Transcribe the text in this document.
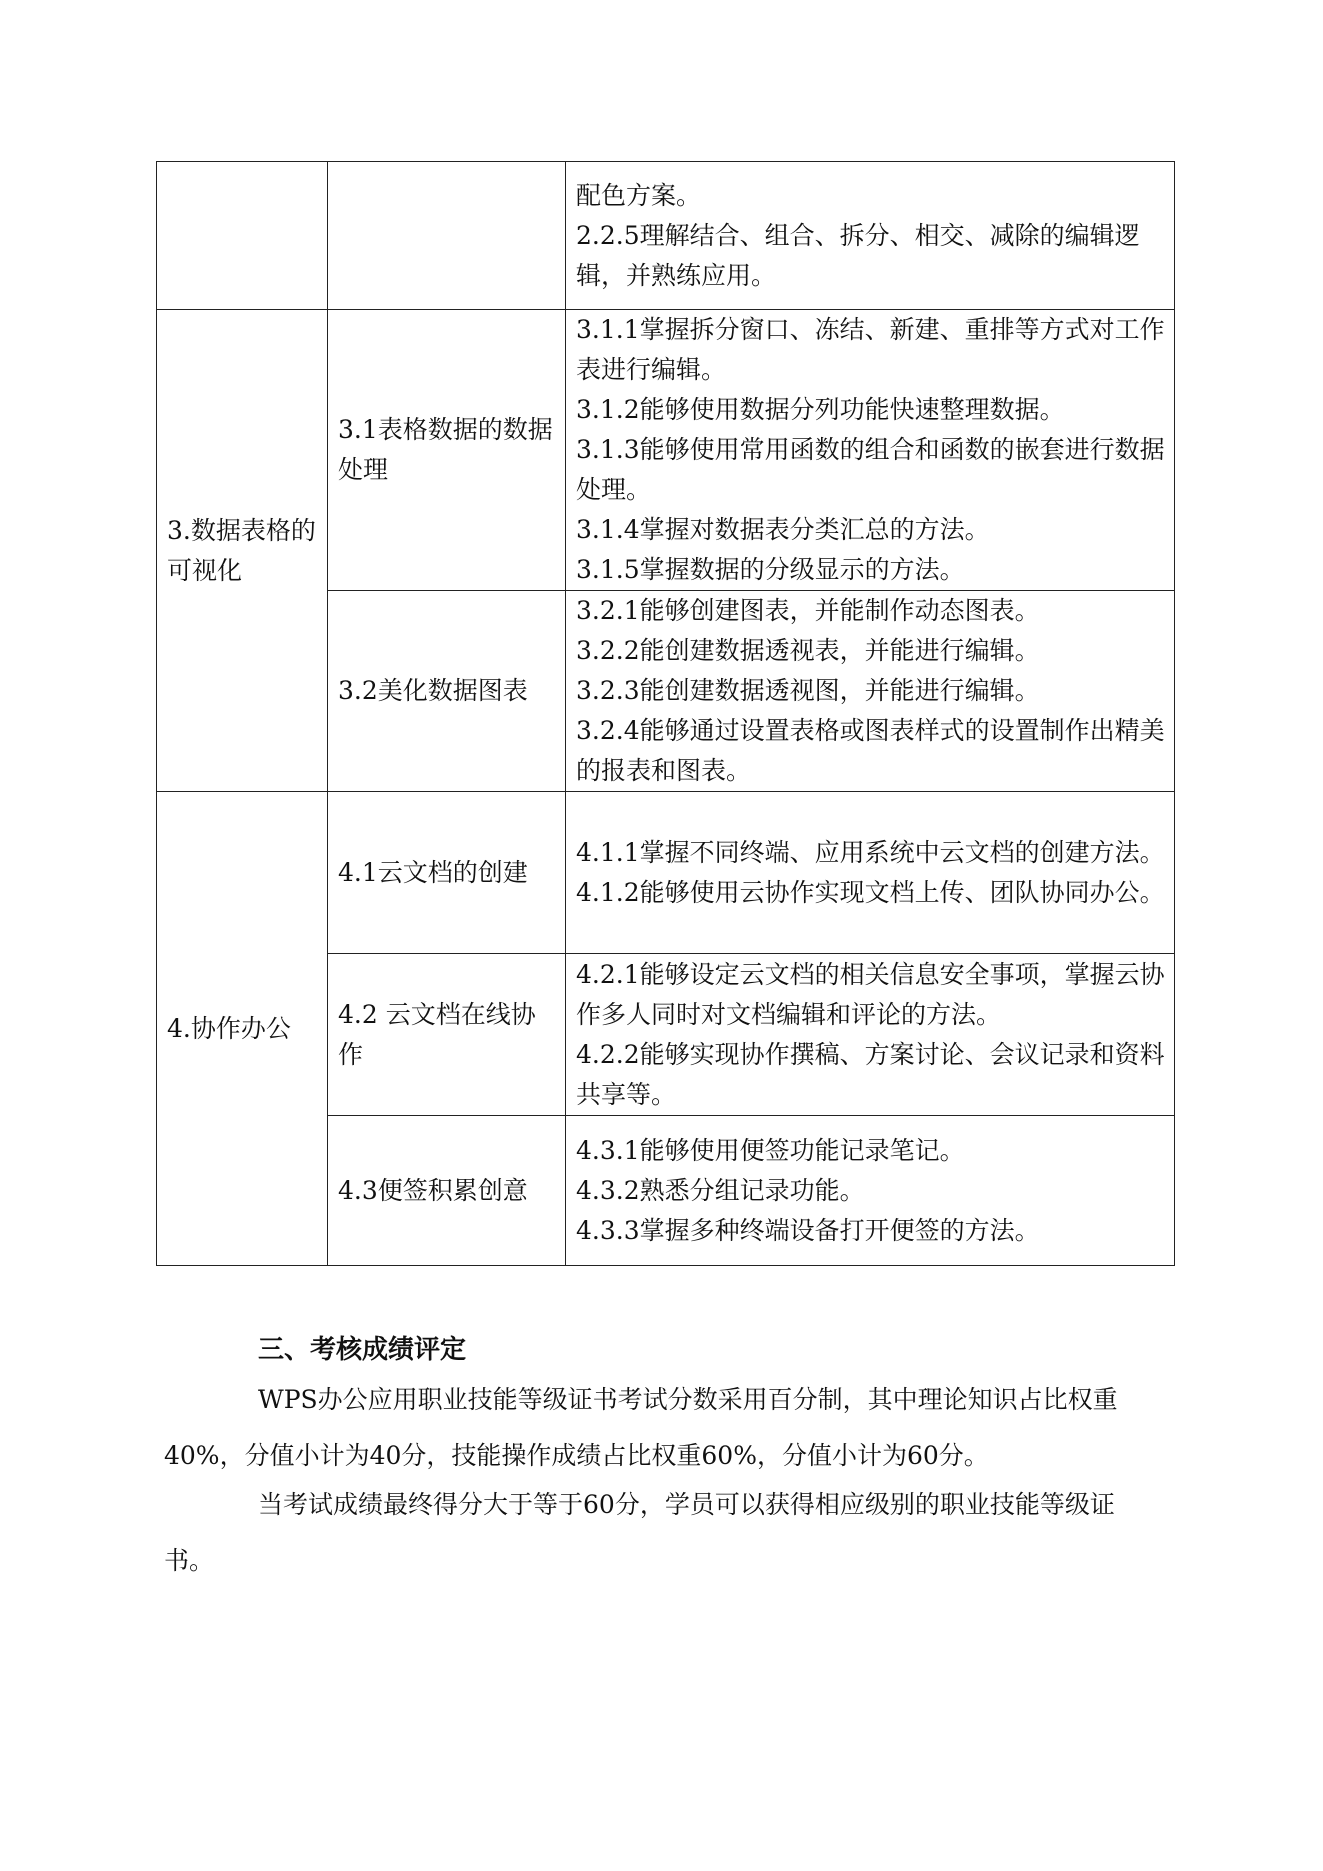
		配色方案。
2.2.5理解结合、组合、拆分、相交、减除的编辑逻辑，并熟练应用。

3.数据表格的可视化	3.1表格数据的数据处理	3.1.1掌握拆分窗口、冻结、新建、重排等方式对工作表进行编辑。
3.1.2能够使用数据分列功能快速整理数据。
3.1.3能够使用常用函数的组合和函数的嵌套进行数据处理。
3.1.4掌握对数据表分类汇总的方法。
3.1.5掌握数据的分级显示的方法。

	3.2美化数据图表	3.2.1能够创建图表，并能制作动态图表。
3.2.2能创建数据透视表，并能进行编辑。
3.2.3能创建数据透视图，并能进行编辑。
3.2.4能够通过设置表格或图表样式的设置制作出精美的报表和图表。

4.协作办公	4.1云文档的创建	4.1.1掌握不同终端、应用系统中云文档的创建方法。
4.1.2能够使用云协作实现文档上传、团队协同办公。

	4.2 云文档在线协作	4.2.1能够设定云文档的相关信息安全事项，掌握云协作多人同时对文档编辑和评论的方法。
4.2.2能够实现协作撰稿、方案讨论、会议记录和资料共享等。

	4.3便签积累创意	4.3.1能够使用便签功能记录笔记。
4.3.2熟悉分组记录功能。
4.3.3掌握多种终端设备打开便签的方法。
三、考核成绩评定

WPS办公应用职业技能等级证书考试分数采用百分制，其中理论知识占比权重40%，分值小计为40分，技能操作成绩占比权重60%，分值小计为60分。

当考试成绩最终得分大于等于60分，学员可以获得相应级别的职业技能等级证书。
